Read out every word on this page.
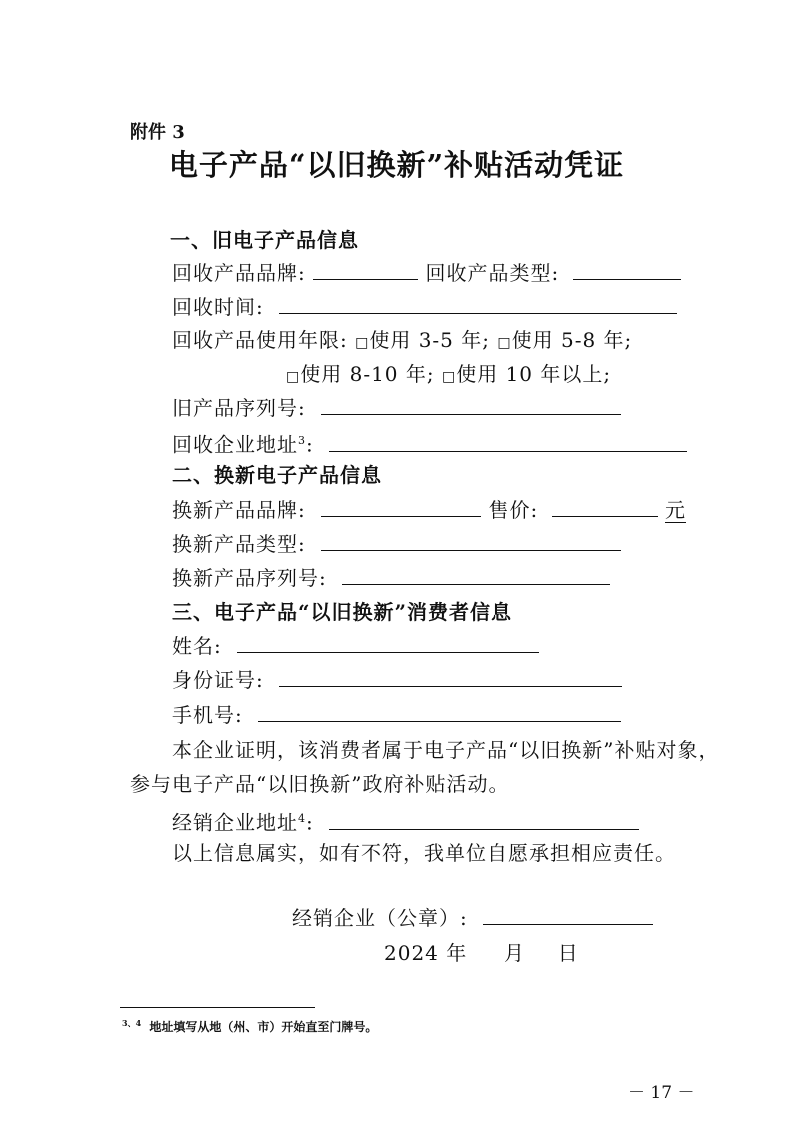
附件 3
电子产品“以旧换新”补贴活动凭证
一、旧电子产品信息
回收产品品牌:	回收产品类型:
回收时间:
回收产品使用年限: □使用 3-5 年; □使用 5-8 年;
□使用 8-10 年; □使用 10 年以上;
旧产品序列号:
回收企业地址$^3$:
二、换新电子产品信息
换新产品品牌:	售价:	元
换新产品类型:
换新产品序列号:
三、电子产品“以旧换新”消费者信息
姓名:
身份证号:
手机号:
本企业证明，该消费者属于电子产品“以旧换新”补贴对象，
参与电子产品“以旧换新”政府补贴活动。
经销企业地址$^4$:
以上信息属实，如有不符，我单位自愿承担相应责任。
经销企业（公章）:
2024 年 月 日
$^{3、4}$ 地址填写从地（州、市）开始直至门牌号。
－ 17 －
